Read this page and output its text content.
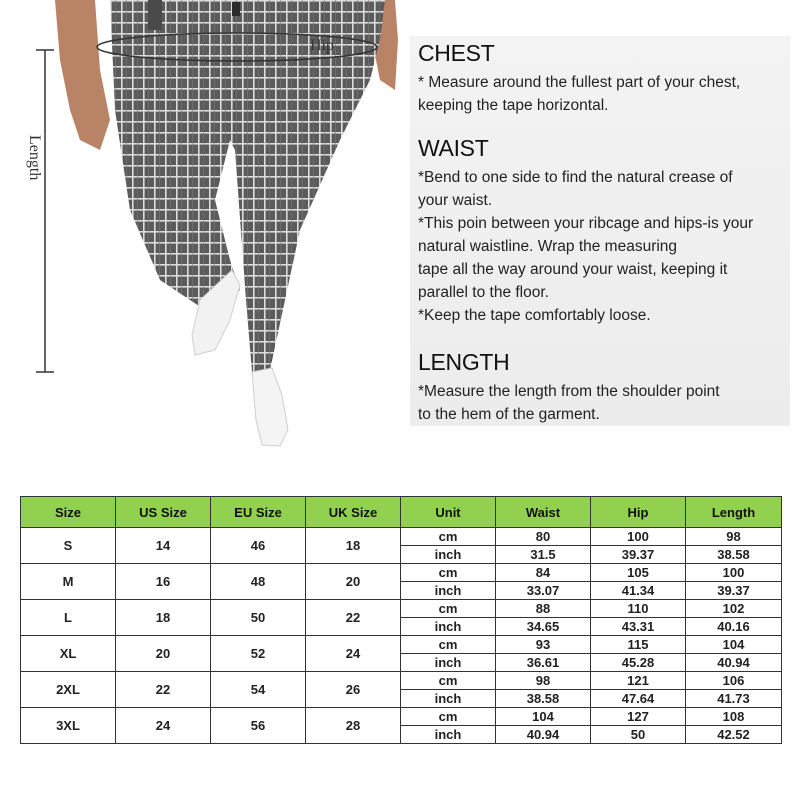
Hip
Length
CHEST

* Measure around the fullest part of your chest,

keeping the tape horizontal.

WAIST

*Bend to one side to find the natural crease of

your waist.

*This poin between your ribcage and hips-is your

natural waistline. Wrap the measuring

tape all the way around your waist, keeping it

parallel to the floor.

*Keep the tape comfortably loose.

LENGTH

*Measure the length from the shoulder point

to the hem of the garment.

Size	US Size	EU Size	UK Size	Unit	Waist	Hip	Length
S	14	46	18	cm	80	100	98
				inch	31.5	39.37	38.58
M	16	48	20	cm	84	105	100
				inch	33.07	41.34	39.37
L	18	50	22	cm	88	110	102
				inch	34.65	43.31	40.16
XL	20	52	24	cm	93	115	104
				inch	36.61	45.28	40.94
2XL	22	54	26	cm	98	121	106
				inch	38.58	47.64	41.73
3XL	24	56	28	cm	104	127	108
				inch	40.94	50	42.52
